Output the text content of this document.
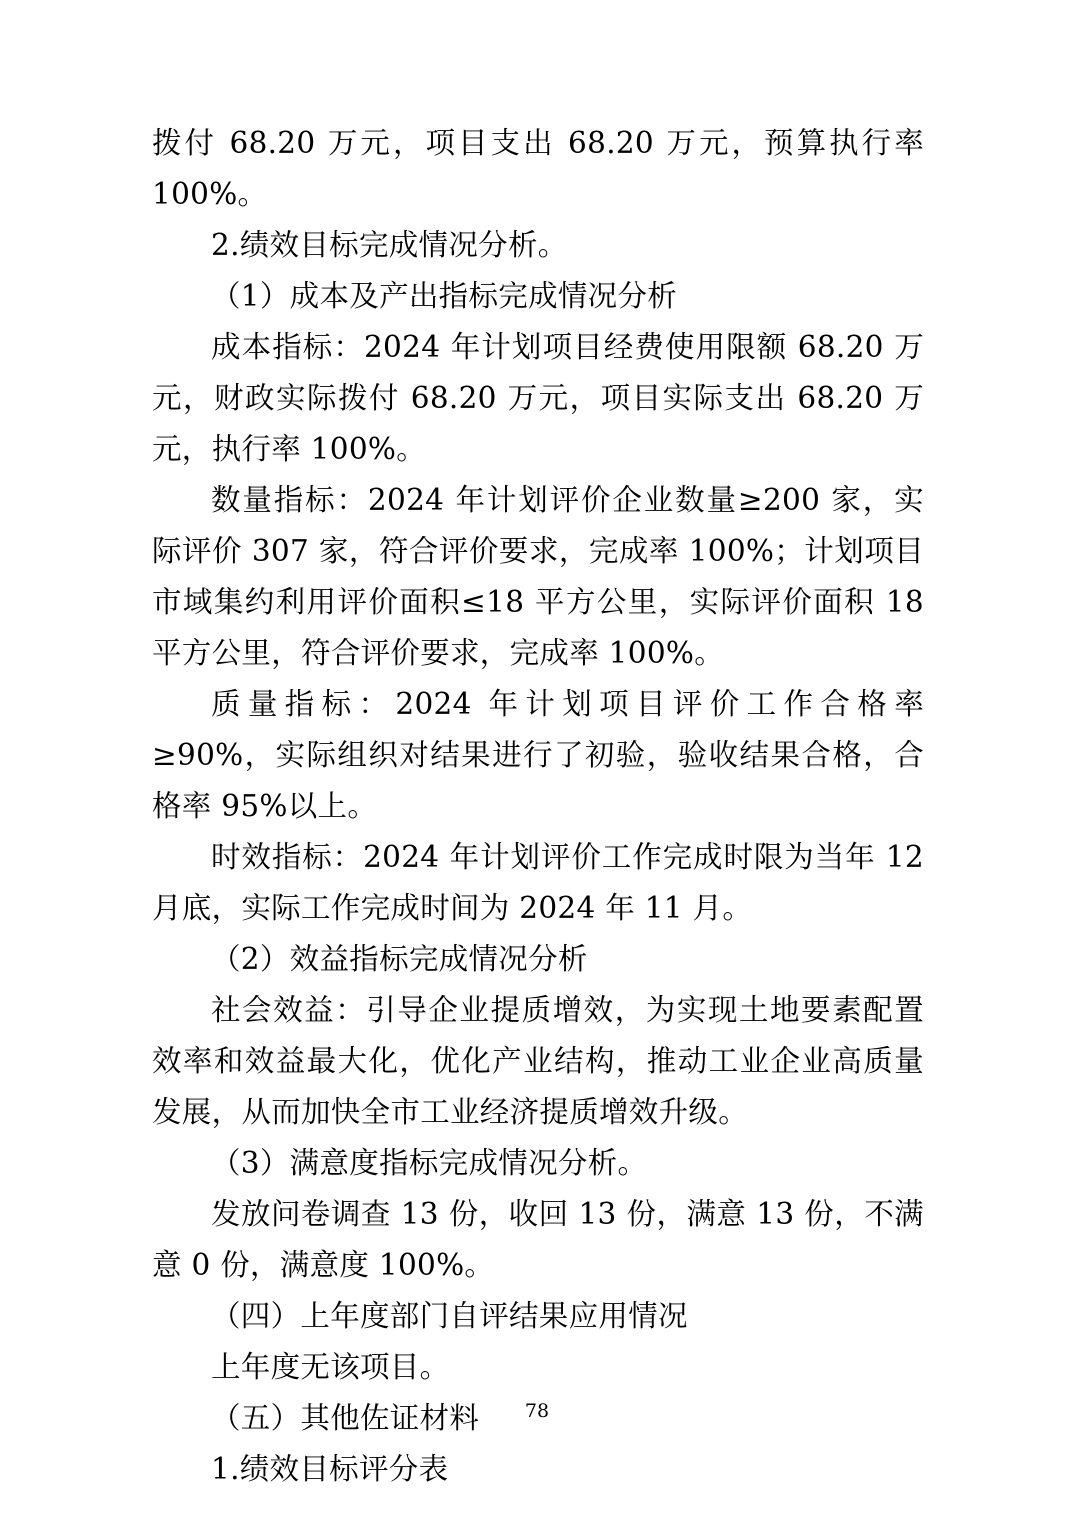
拨付 68.20 万元，项目支出 68.20 万元，预算执行率 100%。

2.绩效目标完成情况分析。

（1）成本及产出指标完成情况分析

成本指标：2024 年计划项目经费使用限额 68.20 万元，财政实际拨付 68.20 万元，项目实际支出 68.20 万元，执行率 100%。

数量指标：2024 年计划评价企业数量≥200 家，实际评价 307 家，符合评价要求，完成率 100%；计划项目市域集约利用评价面积≤18 平方公里，实际评价面积 18 平方公里，符合评价要求，完成率 100%。

质量指标：2024 年计划项目评价工作合格率≥90%，实际组织对结果进行了初验，验收结果合格，合格率 95%以上。

时效指标：2024 年计划评价工作完成时限为当年 12 月底，实际工作完成时间为 2024 年 11 月。

（2）效益指标完成情况分析

社会效益：引导企业提质增效，为实现土地要素配置效率和效益最大化，优化产业结构，推动工业企业高质量发展，从而加快全市工业经济提质增效升级。

（3）满意度指标完成情况分析。

发放问卷调查 13 份，收回 13 份，满意 13 份，不满意 0 份，满意度 100%。

（四）上年度部门自评结果应用情况

上年度无该项目。

（五）其他佐证材料

1.绩效目标评分表

78
